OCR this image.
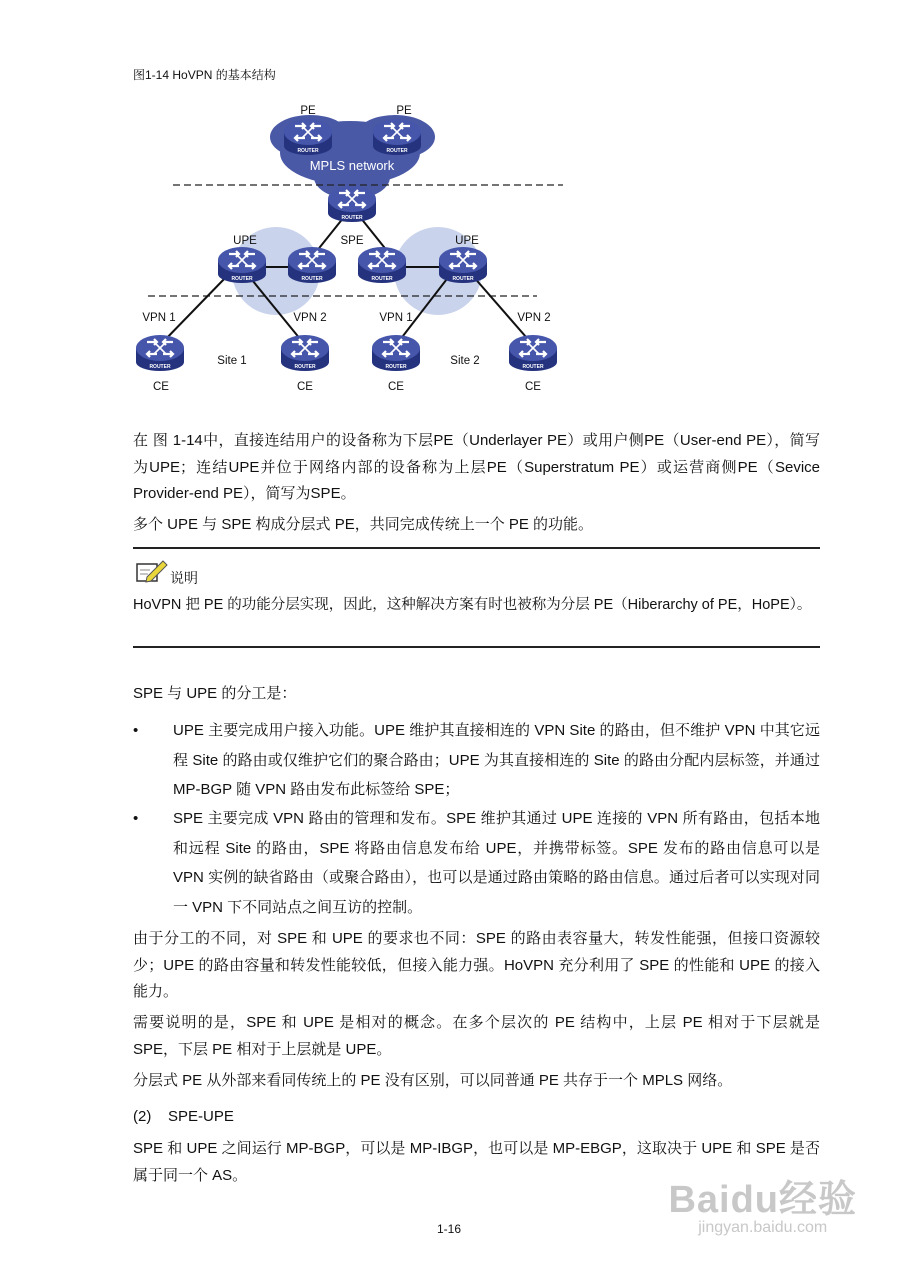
图1-14 HoVPN 的基本结构
MPLS network
ROUTER	ROUTER
ROUTER
ROUTER	ROUTER	ROUTER	ROUTER
ROUTER	ROUTER	ROUTER	ROUTER
PE	PE
SPE
UPE	UPE
VPN 1	VPN 2	VPN 1	VPN 2
Site 1	Site 2
CE	CE	CE	CE
在 图 1-14中，直接连结用户的设备称为下层PE（Underlayer PE）或用户侧PE（User-end PE），简写为UPE；连结UPE并位于网络内部的设备称为上层PE（Superstratum PE）或运营商侧PE（Sevice Provider-end PE），简写为SPE。
多个 UPE 与 SPE 构成分层式 PE，共同完成传统上一个 PE 的功能。
说明
HoVPN 把 PE 的功能分层实现，因此，这种解决方案有时也被称为分层 PE（Hiberarchy of PE，HoPE）。
SPE 与 UPE 的分工是：
• UPE 主要完成用户接入功能。UPE 维护其直接相连的 VPN Site 的路由，但不维护 VPN 中其它远程 Site 的路由或仅维护它们的聚合路由；UPE 为其直接相连的 Site 的路由分配内层标签，并通过 MP-BGP 随 VPN 路由发布此标签给 SPE；
• SPE 主要完成 VPN 路由的管理和发布。SPE 维护其通过 UPE 连接的 VPN 所有路由，包括本地和远程 Site 的路由，SPE 将路由信息发布给 UPE，并携带标签。SPE 发布的路由信息可以是 VPN 实例的缺省路由（或聚合路由），也可以是通过路由策略的路由信息。通过后者可以实现对同一 VPN 下不同站点之间互访的控制。
由于分工的不同，对 SPE 和 UPE 的要求也不同：SPE 的路由表容量大，转发性能强，但接口资源较少；UPE 的路由容量和转发性能较低，但接入能力强。HoVPN 充分利用了 SPE 的性能和 UPE 的接入能力。
需要说明的是，SPE 和 UPE 是相对的概念。在多个层次的 PE 结构中，上层 PE 相对于下层就是 SPE，下层 PE 相对于上层就是 UPE。
分层式 PE 从外部来看同传统上的 PE 没有区别，可以同普通 PE 共存于一个 MPLS 网络。
(2)    SPE-UPE
SPE 和 UPE 之间运行 MP-BGP，可以是 MP-IBGP，也可以是 MP-EBGP，这取决于 UPE 和 SPE 是否属于同一个 AS。
1-16
Baidu经验
jingyan.baidu.com
